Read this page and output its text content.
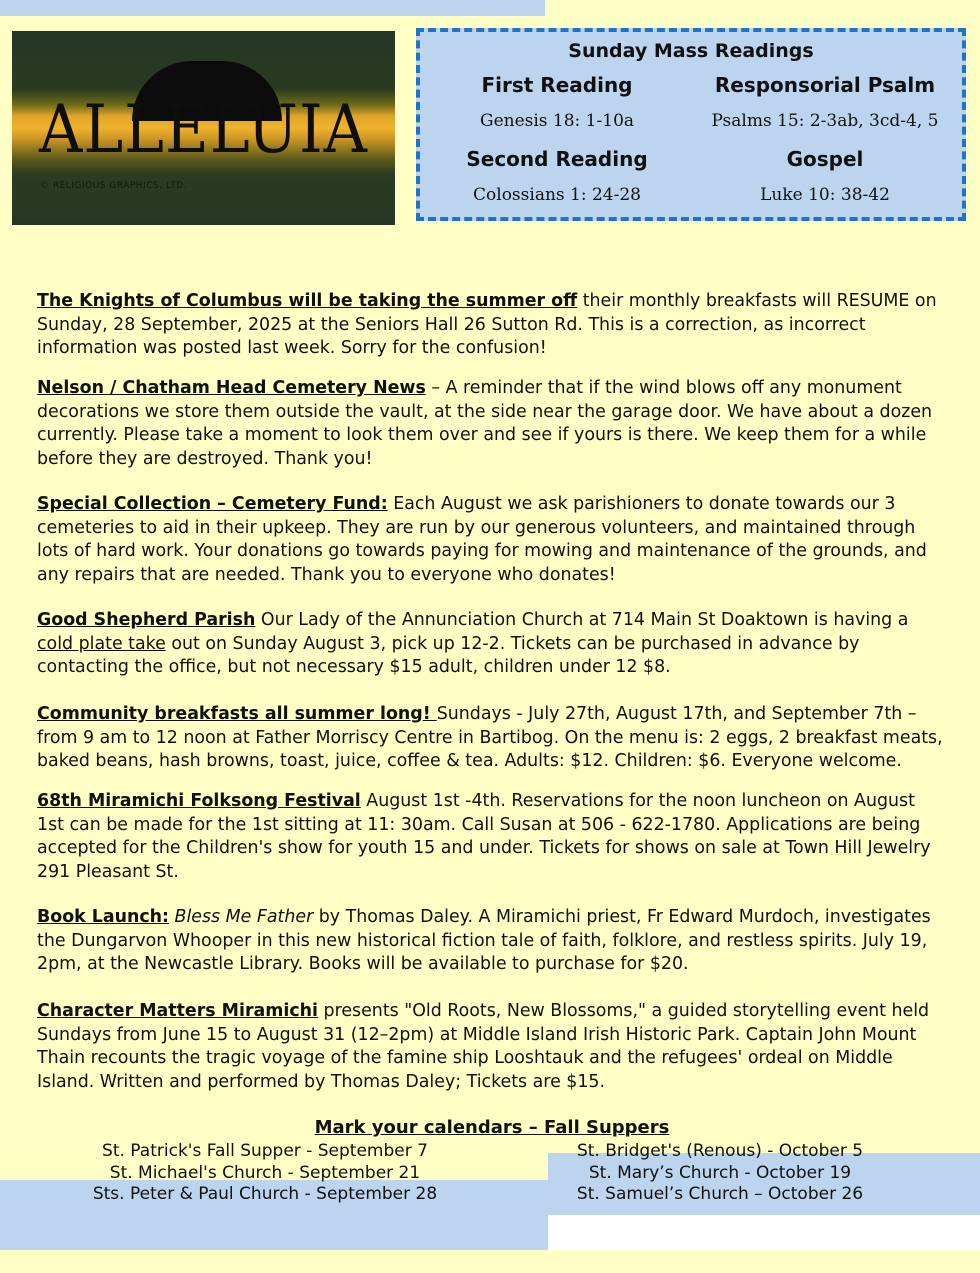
ALLELUIA
© RELIGIOUS GRAPHICS, LTD.
Sunday Mass Readings
First Reading
Genesis 18: 1-10a
Responsorial Psalm
Psalms 15: 2-3ab, 3cd-4, 5
Second Reading
Colossians 1: 24-28
Gospel
Luke 10: 38-42
The Knights of Columbus will be taking the summer off their monthly breakfasts will RESUME on Sunday, 28 September, 2025 at the Seniors Hall 26 Sutton Rd. This is a correction, as incorrect information was posted last week. Sorry for the confusion!
Nelson / Chatham Head Cemetery News – A reminder that if the wind blows off any monument decorations we store them outside the vault, at the side near the garage door. We have about a dozen currently. Please take a moment to look them over and see if yours is there. We keep them for a while before they are destroyed. Thank you!
Special Collection – Cemetery Fund: Each August we ask parishioners to donate towards our 3 cemeteries to aid in their upkeep. They are run by our generous volunteers, and maintained through lots of hard work. Your donations go towards paying for mowing and maintenance of the grounds, and any repairs that are needed. Thank you to everyone who donates!
Good Shepherd Parish Our Lady of the Annunciation Church at 714 Main St Doaktown is having a cold plate take out on Sunday August 3, pick up 12-2. Tickets can be purchased in advance by contacting the office, but not necessary $15 adult, children under 12 $8.
Community breakfasts all summer long! Sundays - July 27th, August 17th, and September 7th – from 9 am to 12 noon at Father Morriscy Centre in Bartibog. On the menu is: 2 eggs, 2 breakfast meats, baked beans, hash browns, toast, juice, coffee & tea. Adults: $12. Children: $6. Everyone welcome.
68th Miramichi Folksong Festival August 1st -4th. Reservations for the noon luncheon on August 1st can be made for the 1st sitting at 11: 30am. Call Susan at 506 - 622-1780. Applications are being accepted for the Children's show for youth 15 and under. Tickets for shows on sale at Town Hill Jewelry 291 Pleasant St.
Book Launch: Bless Me Father by Thomas Daley. A Miramichi priest, Fr Edward Murdoch, investigates the Dungarvon Whooper in this new historical fiction tale of faith, folklore, and restless spirits. July 19, 2pm, at the Newcastle Library. Books will be available to purchase for $20.
Character Matters Miramichi presents "Old Roots, New Blossoms," a guided storytelling event held Sundays from June 15 to August 31 (12–2pm) at Middle Island Irish Historic Park. Captain John Mount Thain recounts the tragic voyage of the famine ship Looshtauk and the refugees' ordeal on Middle Island. Written and performed by Thomas Daley; Tickets are $15.
Mark your calendars – Fall Suppers
St. Patrick's Fall Supper - September 7
St. Michael's Church - September 21
Sts. Peter & Paul Church - September 28
St. Bridget's (Renous) - October 5
St. Mary’s Church - October 19
St. Samuel’s Church – October 26
